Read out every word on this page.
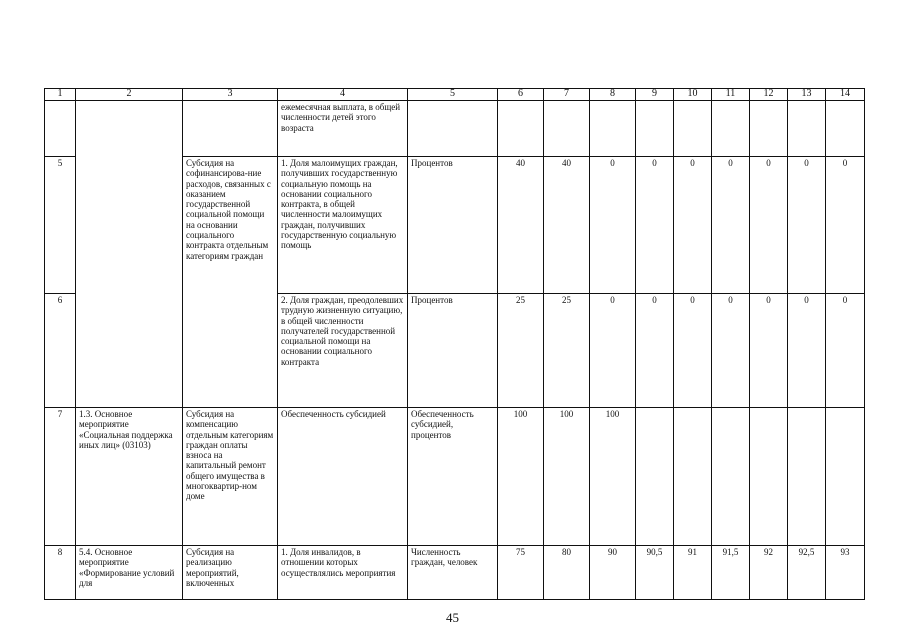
1	2	3	4	5	6	7	8	9	10	11	12	13	14
			ежемесячная выплата, в общей численности детей этого возраста										
5		Субсидия на софинансирова-ние расходов, связанных с оказанием государственной социальной помощи на основании социального контракта отдельным категориям граждан	1. Доля малоимущих граждан, получивших государственную социальную помощь на основании социального контракта, в общей численности малоимущих граждан, получивших государственную социальную помощь	Процентов	40	40	0	0	0	0	0	0	0
6			2. Доля граждан, преодолевших трудную жизненную ситуацию, в общей численности получателей государственной социальной помощи на основании социального контракта	Процентов	25	25	0	0	0	0	0	0	0
7	1.3. Основное мероприятие «Социальная поддержка иных лиц» (03103)	Субсидия на компенсацию отдельным категориям граждан оплаты взноса на капитальный ремонт общего имущества в многоквартир-ном доме	Обеспеченность субсидией	Обеспеченность субсидией, процентов	100	100	100						
8	5.4. Основное мероприятие «Формирование условий для	Субсидия на реализацию мероприятий, включенных	1. Доля инвалидов, в отношении которых осуществлялись мероприятия	Численность граждан, человек	75	80	90	90,5	91	91,5	92	92,5	93
45
